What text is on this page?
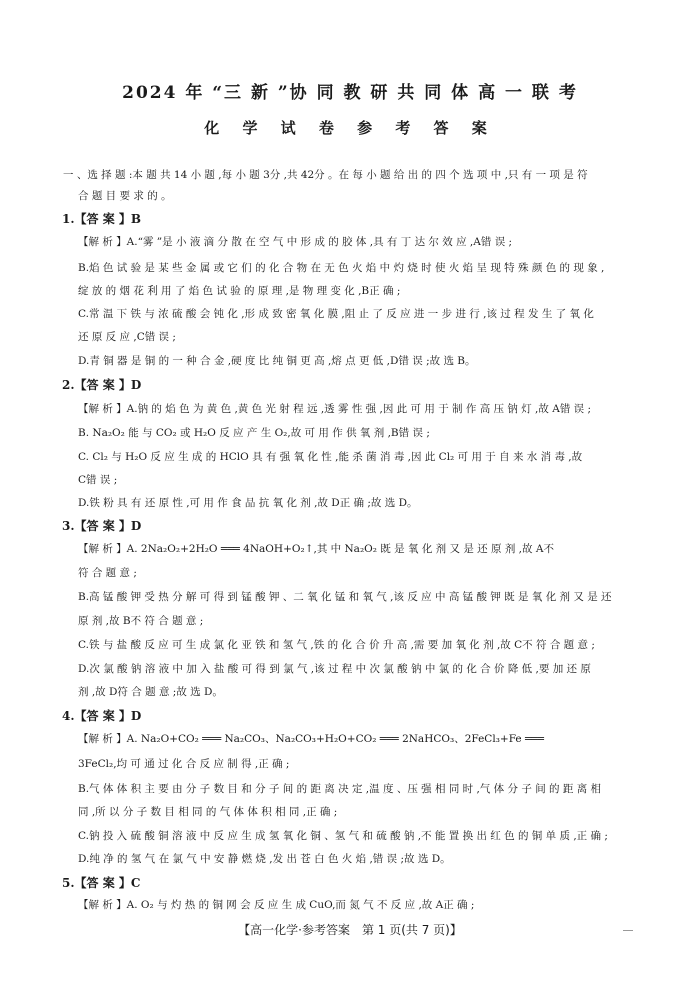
2024 年 “三 新 ”协 同 教 研 共 同 体 高 一 联 考
化 学 试 卷 参 考 答 案
一 、选 择 题 :本 题 共 14 小 题 ,每 小 题 3分 ,共 42分 。在 每 小 题 给 出 的 四 个 选 项 中 ,只 有 一 项 是 符
合 题 目 要 求 的 。
1.【答 案 】B
【解 析 】A.“雾 ”是 小 液 滴 分 散 在 空 气 中 形 成 的 胶 体 ,具 有 丁 达 尔 效 应 ,A错 误 ;
B.焰 色 试 验 是 某 些 金 属 或 它 们 的 化 合 物 在 无 色 火 焰 中 灼 烧 时 使 火 焰 呈 现 特 殊 颜 色 的 现 象 ,
绽 放 的 烟 花 利 用 了 焰 色 试 验 的 原 理 ,是 物 理 变 化 ,B正 确 ;
C.常 温 下 铁 与 浓 硫 酸 会 钝 化 ,形 成 致 密 氧 化 膜 ,阻 止 了 反 应 进 一 步 进 行 ,该 过 程 发 生 了 氧 化
还 原 反 应 ,C错 误 ;
D.青 铜 器 是 铜 的 一 种 合 金 ,硬 度 比 纯 铜 更 高 ,熔 点 更 低 ,D错 误 ;故 选 B。
2.【答 案 】D
【解 析 】A.钠 的 焰 色 为 黄 色 ,黄 色 光 射 程 远 ,透 雾 性 强 ,因 此 可 用 于 制 作 高 压 钠 灯 ,故 A错 误 ;
B. Na₂O₂ 能 与 CO₂ 或 H₂O 反 应 产 生 O₂,故 可 用 作 供 氧 剂 ,B错 误 ;
C. Cl₂ 与 H₂O 反 应 生 成 的 HClO 具 有 强 氧 化 性 ,能 杀 菌 消 毒 ,因 此 Cl₂ 可 用 于 自 来 水 消 毒 ,故
C错 误 ;
D.铁 粉 具 有 还 原 性 ,可 用 作 食 品 抗 氧 化 剂 ,故 D正 确 ;故 选 D。
3.【答 案 】D
【解 析 】A. 2Na₂O₂+2H₂O ═══ 4NaOH+O₂↑,其 中 Na₂O₂ 既 是 氧 化 剂 又 是 还 原 剂 ,故 A不
符 合 题 意 ;
B.高 锰 酸 钾 受 热 分 解 可 得 到 锰 酸 钾 、二 氧 化 锰 和 氧 气 ,该 反 应 中 高 锰 酸 钾 既 是 氧 化 剂 又 是 还
原 剂 ,故 B不 符 合 题 意 ;
C.铁 与 盐 酸 反 应 可 生 成 氯 化 亚 铁 和 氢 气 ,铁 的 化 合 价 升 高 ,需 要 加 氧 化 剂 ,故 C不 符 合 题 意 ;
D.次 氯 酸 钠 溶 液 中 加 入 盐 酸 可 得 到 氯 气 ,该 过 程 中 次 氯 酸 钠 中 氯 的 化 合 价 降 低 ,要 加 还 原
剂 ,故 D符 合 题 意 ;故 选 D。
4.【答 案 】D
【解 析 】A. Na₂O+CO₂ ═══ Na₂CO₃、Na₂CO₃+H₂O+CO₂ ═══ 2NaHCO₃、2FeCl₃+Fe ═══
3FeCl₂,均 可 通 过 化 合 反 应 制 得 ,正 确 ;
B.气 体 体 积 主 要 由 分 子 数 目 和 分 子 间 的 距 离 决 定 ,温 度 、压 强 相 同 时 ,气 体 分 子 间 的 距 离 相
同 ,所 以 分 子 数 目 相 同 的 气 体 体 积 相 同 ,正 确 ;
C.钠 投 入 硫 酸 铜 溶 液 中 反 应 生 成 氢 氧 化 铜 、氢 气 和 硫 酸 钠 ,不 能 置 换 出 红 色 的 铜 单 质 ,正 确 ;
D.纯 净 的 氢 气 在 氯 气 中 安 静 燃 烧 ,发 出 苍 白 色 火 焰 ,错 误 ;故 选 D。
5.【答 案 】C
【解 析 】A. O₂ 与 灼 热 的 铜 网 会 反 应 生 成 CuO,而 氮 气 不 反 应 ,故 A正 确 ;
【高一化学·参考答案　第 1 页(共 7 页)】
